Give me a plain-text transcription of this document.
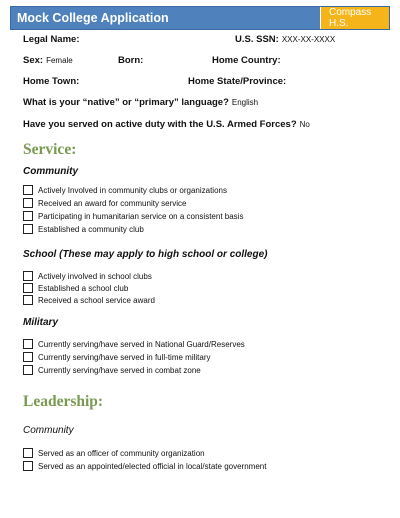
Mock College Application	Compass H.S.
Legal Name:	U.S. SSN: XXX-XX-XXXX
Sex: Female	Born:	Home Country:
Home Town:	Home State/Province:
What is your “native” or “primary” language? English
Have you served on active duty with the U.S. Armed Forces? No
Service:
Community
Actively Involved in community clubs or organizations
Received an award for community service
Participating in humanitarian service on a consistent basis
Established a community club
School (These may apply to high school or college)
Actively involved in school clubs
Established a school club
Received a school service award
Military
Currently serving/have served in National Guard/Reserves
Currently serving/have served in full-time military
Currently serving/have served in combat zone
Leadership:
Community
Served as an officer of community organization
Served as an appointed/elected official in local/state government
